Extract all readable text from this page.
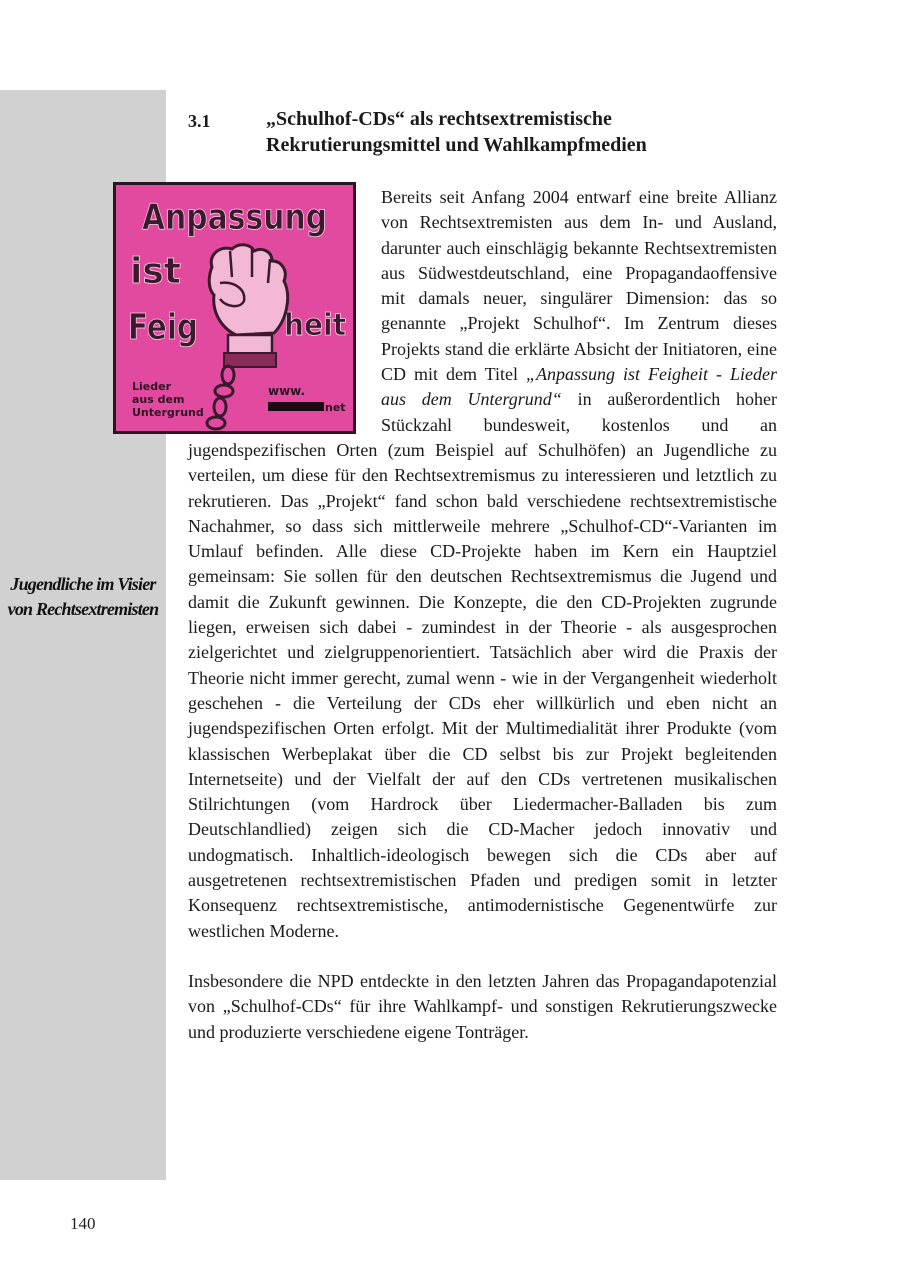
Jugendliche im Visier von Rechtsextremisten
3.1	„Schulhof-CDs“ als rechtsextremistische Rekrutierungsmittel und Wahlkampfmedien
Anpassung
ist
Feig	heit
Lieder
aus dem
Untergrund
www.
net

Bereits seit Anfang 2004 entwarf eine breite Allianz von Rechtsextremisten aus dem In- und Ausland, darunter auch einschlägig bekannte Rechtsextremisten aus Südwestdeutschland, eine Propagandaoffensive mit damals neuer, singulärer Dimension: das so genannte „Projekt Schulhof“. Im Zentrum dieses Projekts stand die erklärte Absicht der Initiatoren, eine CD mit dem Titel „Anpassung ist Feigheit - Lieder aus dem Untergrund“ in außerordentlich hoher Stückzahl bundesweit, kostenlos und an jugendspezifischen Orten (zum Beispiel auf Schulhöfen) an Jugendliche zu verteilen, um diese für den Rechtsextremismus zu interessieren und letztlich zu rekrutieren. Das „Projekt“ fand schon bald verschiedene rechtsextremistische Nachahmer, so dass sich mittlerweile mehrere „Schulhof-CD“-Varianten im Umlauf befinden. Alle diese CD-Projekte haben im Kern ein Hauptziel gemeinsam: Sie sollen für den deutschen Rechtsextremismus die Jugend und damit die Zukunft gewinnen. Die Konzepte, die den CD-Projekten zugrunde liegen, erweisen sich dabei - zumindest in der Theorie - als ausgesprochen zielgerichtet und zielgruppenorientiert. Tatsächlich aber wird die Praxis der Theorie nicht immer gerecht, zumal wenn - wie in der Vergangenheit wiederholt geschehen - die Verteilung der CDs eher willkürlich und eben nicht an jugendspezifischen Orten erfolgt. Mit der Multimedialität ihrer Produkte (vom klassischen Werbeplakat über die CD selbst bis zur Projekt begleitenden Internetseite) und der Vielfalt der auf den CDs vertretenen musikalischen Stilrichtungen (vom Hardrock über Liedermacher-Balladen bis zum Deutschlandlied) zeigen sich die CD-Macher jedoch innovativ und undogmatisch. Inhaltlich-ideologisch bewegen sich die CDs aber auf ausgetretenen rechtsextremistischen Pfaden und predigen somit in letzter Konsequenz rechtsextremistische, antimodernistische Gegenentwürfe zur westlichen Moderne.

Insbesondere die NPD entdeckte in den letzten Jahren das Propagandapotenzial von „Schulhof-CDs“ für ihre Wahlkampf- und sonstigen Rekrutierungszwecke und produzierte verschiedene eigene Tonträger.

140
